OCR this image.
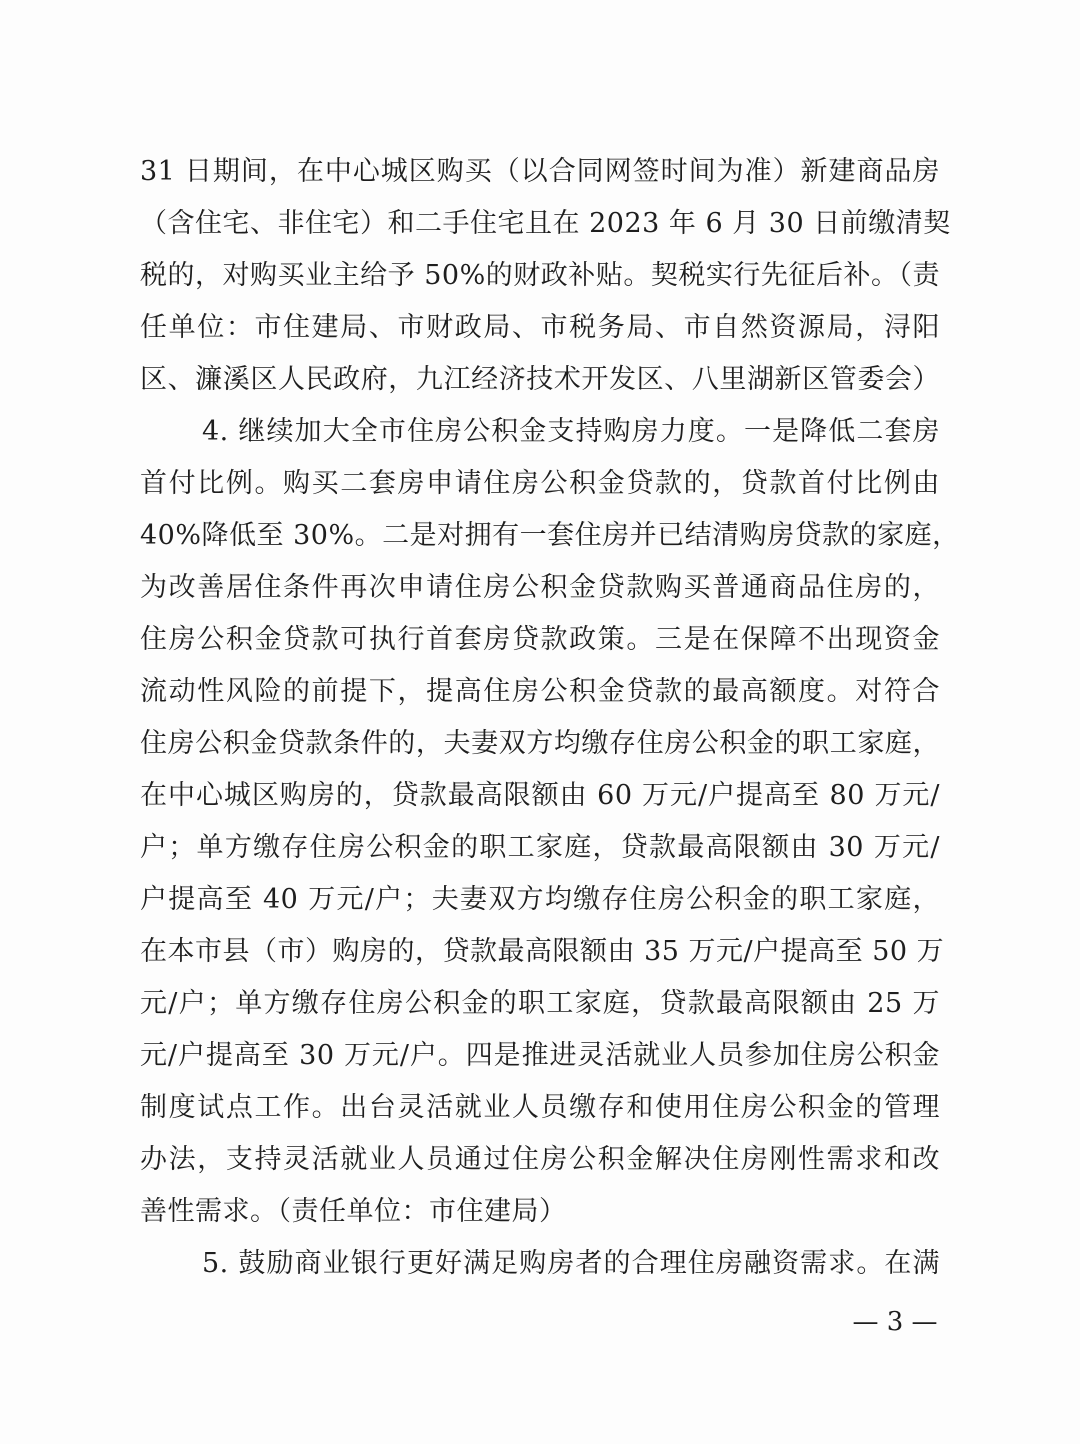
31 日期间，在中心城区购买（以合同网签时间为准）新建商品房
（含住宅、非住宅）和二手住宅且在 2023 年 6 月 30 日前缴清契
税的，对购买业主给予 50%的财政补贴。契税实行先征后补。（责
任单位：市住建局、市财政局、市税务局、市自然资源局，浔阳
区、濂溪区人民政府，九江经济技术开发区、八里湖新区管委会）
4. 继续加大全市住房公积金支持购房力度。一是降低二套房
首付比例。购买二套房申请住房公积金贷款的，贷款首付比例由
40%降低至 30%。二是对拥有一套住房并已结清购房贷款的家庭，
为改善居住条件再次申请住房公积金贷款购买普通商品住房的，
住房公积金贷款可执行首套房贷款政策。三是在保障不出现资金
流动性风险的前提下，提高住房公积金贷款的最高额度。对符合
住房公积金贷款条件的，夫妻双方均缴存住房公积金的职工家庭，
在中心城区购房的，贷款最高限额由 60 万元/户提高至 80 万元/
户；单方缴存住房公积金的职工家庭，贷款最高限额由 30 万元/
户提高至 40 万元/户；夫妻双方均缴存住房公积金的职工家庭，
在本市县（市）购房的，贷款最高限额由 35 万元/户提高至 50 万
元/户；单方缴存住房公积金的职工家庭，贷款最高限额由 25 万
元/户提高至 30 万元/户。四是推进灵活就业人员参加住房公积金
制度试点工作。出台灵活就业人员缴存和使用住房公积金的管理
办法，支持灵活就业人员通过住房公积金解决住房刚性需求和改
善性需求。（责任单位：市住建局）
5. 鼓励商业银行更好满足购房者的合理住房融资需求。在满
— 3 —
